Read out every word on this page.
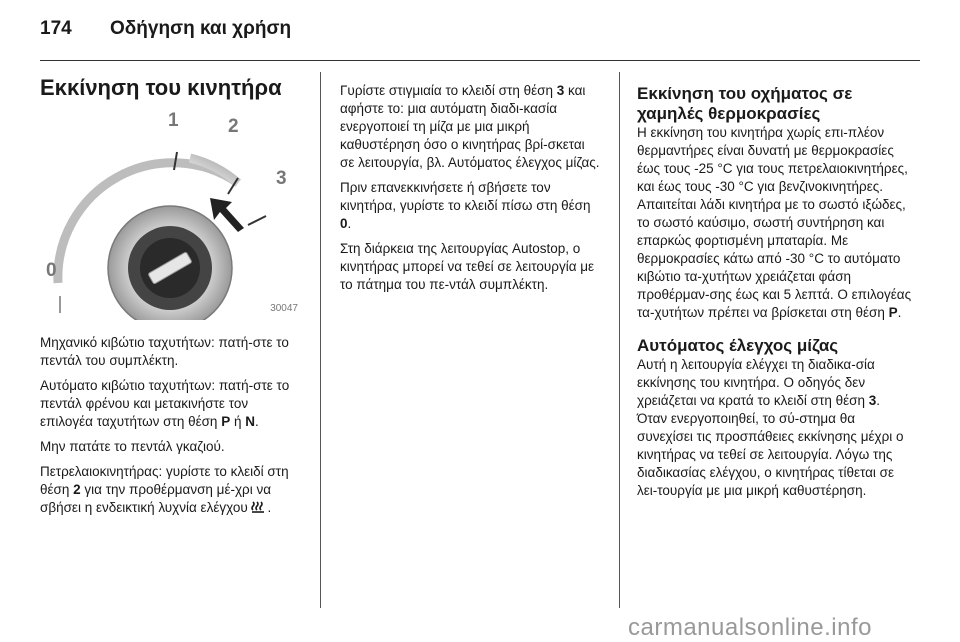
174	Οδήγηση και χρήση
Εκκίνηση του κινητήρα
0
1	2
3
30047

Μηχανικό κιβώτιο ταχυτήτων: πατή-στε το πεντάλ του συμπλέκτη.

Αυτόματο κιβώτιο ταχυτήτων: πατή-στε το πεντάλ φρένου και μετακινήστε τον επιλογέα ταχυτήτων στη θέση P ή N.

Μην πατάτε το πεντάλ γκαζιού.

Πετρελαιοκινητήρας: γυρίστε το κλειδί στη θέση 2 για την προθέρμανση μέ-χρι να σβήσει η ενδεικτική λυχνία ελέγχου .

Γυρίστε στιγμιαία το κλειδί στη θέση 3 και αφήστε το: μια αυτόματη διαδι-κασία ενεργοποιεί τη μίζα με μια μικρή καθυστέρηση όσο ο κινητήρας βρί-σκεται σε λειτουργία, βλ. Αυτόματος έλεγχος μίζας.

Πριν επανεκκινήσετε ή σβήσετε τον κινητήρα, γυρίστε το κλειδί πίσω στη θέση 0.

Στη διάρκεια της λειτουργίας Autostop, ο κινητήρας μπορεί να τεθεί σε λειτουργία με το πάτημα του πε-ντάλ συμπλέκτη.

Εκκίνηση του οχήματος σε χαμηλές θερμοκρασίες

Η εκκίνηση του κινητήρα χωρίς επι-πλέον θερμαντήρες είναι δυνατή με θερμοκρασίες έως τους -25 °C για τους πετρελαιοκινητήρες, και έως τους -30 °C για βενζινοκινητήρες. Απαιτείται λάδι κινητήρα με το σωστό ιξώδες, το σωστό καύσιμο, σωστή συντήρηση και επαρκώς φορτισμένη μπαταρία. Με θερμοκρασίες κάτω από -30 °C το αυτόματο κιβώτιο τα-χυτήτων χρειάζεται φάση προθέρμαν-σης έως και 5 λεπτά. Ο επιλογέας τα-χυτήτων πρέπει να βρίσκεται στη θέση P.

Αυτόματος έλεγχος μίζας

Αυτή η λειτουργία ελέγχει τη διαδικα-σία εκκίνησης του κινητήρα. Ο οδηγός δεν χρειάζεται να κρατά το κλειδί στη θέση 3. Όταν ενεργοποιηθεί, το σύ-στημα θα συνεχίσει τις προσπάθειες εκκίνησης μέχρι ο κινητήρας να τεθεί σε λειτουργία. Λόγω της διαδικασίας ελέγχου, ο κινητήρας τίθεται σε λει-τουργία με μια μικρή καθυστέρηση.

carmanualsonline.info
